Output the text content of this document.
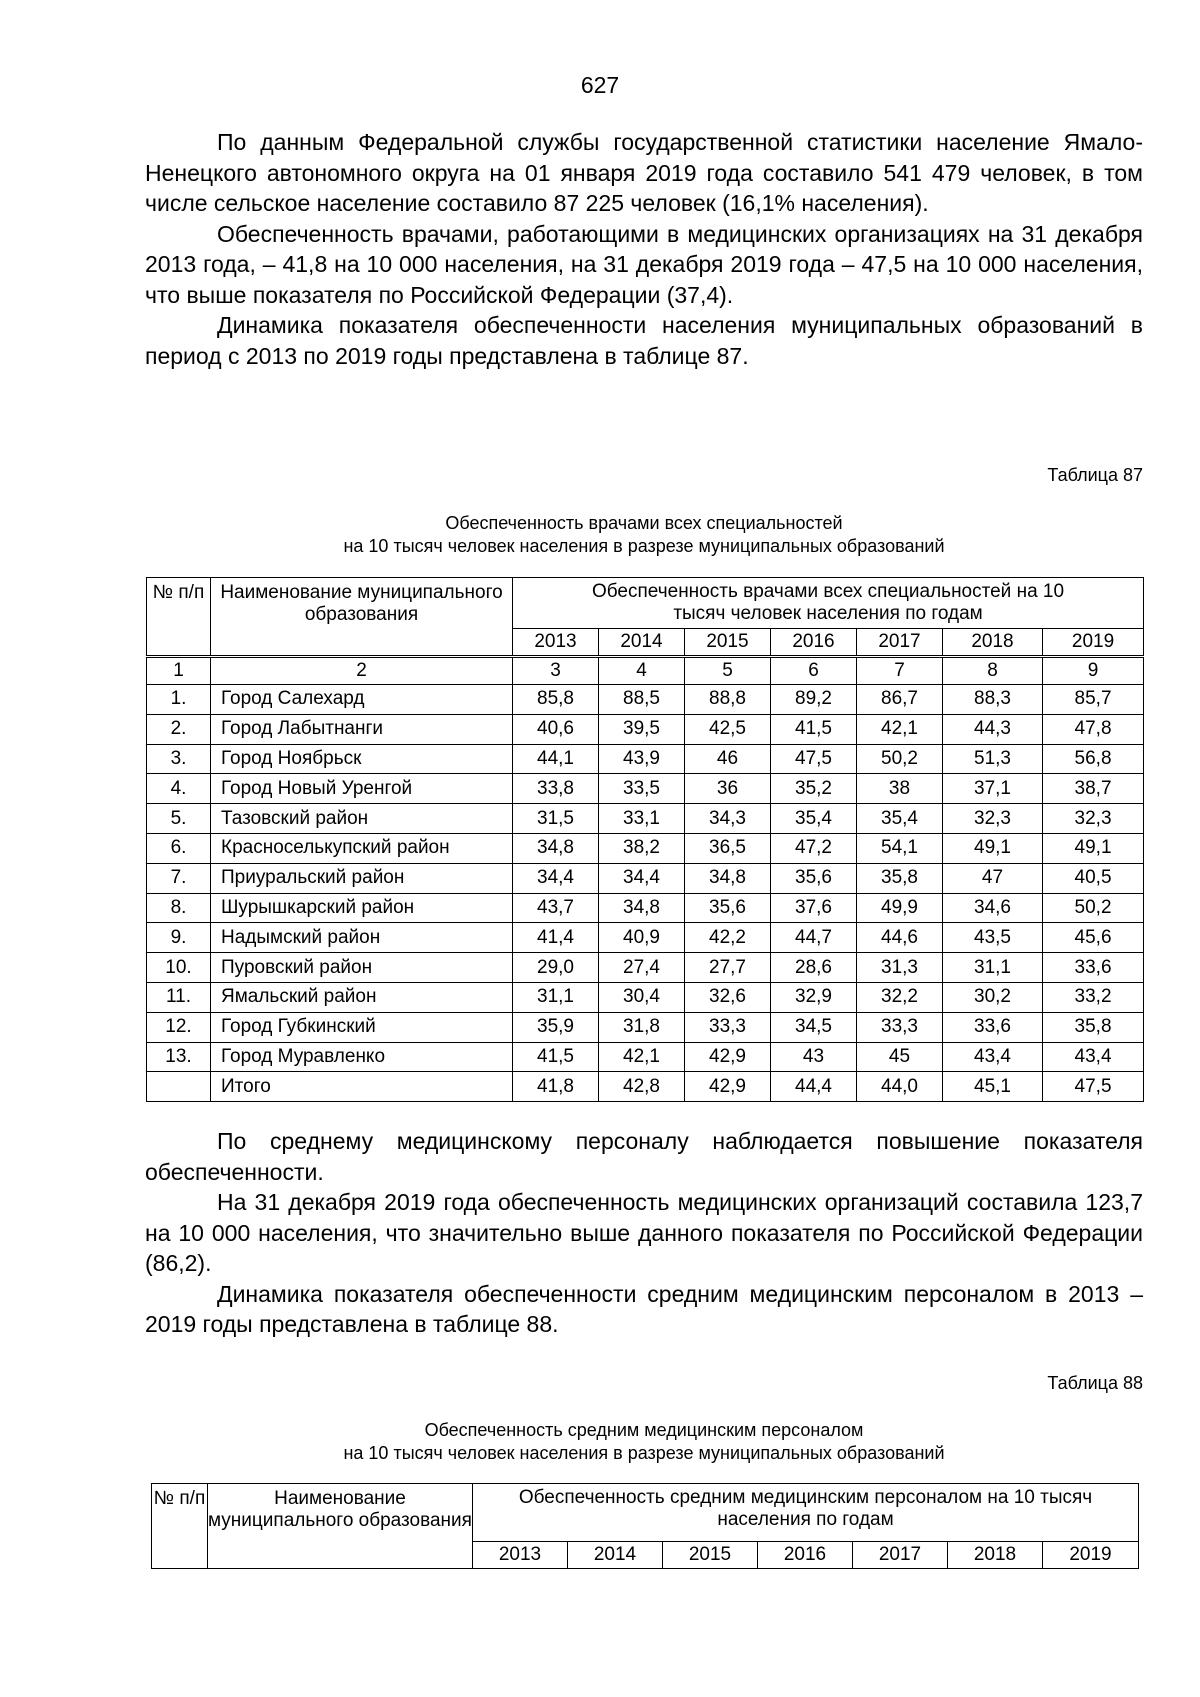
627

По данным Федеральной службы государственной статистики население Ямало-Ненецкого автономного округа на 01 января 2019 года составило 541 479 человек, в том числе сельское население составило 87 225 человек (16,1% населения).

Обеспеченность врачами, работающими в медицинских организациях на 31 декабря 2013 года, – 41,8 на 10 000 населения, на 31 декабря 2019 года – 47,5 на 10 000 населения, что выше показателя по Российской Федерации (37,4).

Динамика показателя обеспеченности населения муниципальных образований в период с 2013 по 2019 годы представлена в таблице 87.

Таблица 87
Обеспеченность врачами всех специальностей
на 10 тысяч человек населения в разрезе муниципальных образований
№ п/п	Наименование муниципального образования	Обеспеченность врачами всех специальностей на 10 тысяч человек населения по годам						
		2013	2014	2015	2016	2017	2018	2019
1	2	3	4	5	6	7	8	9
1.	Город Салехард	85,8	88,5	88,8	89,2	86,7	88,3	85,7
2.	Город Лабытнанги	40,6	39,5	42,5	41,5	42,1	44,3	47,8
3.	Город Ноябрьск	44,1	43,9	46	47,5	50,2	51,3	56,8
4.	Город Новый Уренгой	33,8	33,5	36	35,2	38	37,1	38,7
5.	Тазовский район	31,5	33,1	34,3	35,4	35,4	32,3	32,3
6.	Красноселькупский район	34,8	38,2	36,5	47,2	54,1	49,1	49,1
7.	Приуральский район	34,4	34,4	34,8	35,6	35,8	47	40,5
8.	Шурышкарский район	43,7	34,8	35,6	37,6	49,9	34,6	50,2
9.	Надымский район	41,4	40,9	42,2	44,7	44,6	43,5	45,6
10.	Пуровский район	29,0	27,4	27,7	28,6	31,3	31,1	33,6
11.	Ямальский район	31,1	30,4	32,6	32,9	32,2	30,2	33,2
12.	Город Губкинский	35,9	31,8	33,3	34,5	33,3	33,6	35,8
13.	Город Муравленко	41,5	42,1	42,9	43	45	43,4	43,4
	Итого	41,8	42,8	42,9	44,4	44,0	45,1	47,5

По среднему медицинскому персоналу наблюдается повышение показателя обеспеченности.

На 31 декабря 2019 года обеспеченность медицинских организаций составила 123,7 на 10 000 населения, что значительно выше данного показателя по Российской Федерации (86,2).

Динамика показателя обеспеченности средним медицинским персоналом в 2013 – 2019 годы представлена в таблице 88.

Таблица 88
Обеспеченность средним медицинским персоналом
на 10 тысяч человек населения в разрезе муниципальных образований
№ п/п	Наименование муниципального образования	Обеспеченность средним медицинским персоналом на 10 тысяч населения по годам						
		2013	2014	2015	2016	2017	2018	2019
